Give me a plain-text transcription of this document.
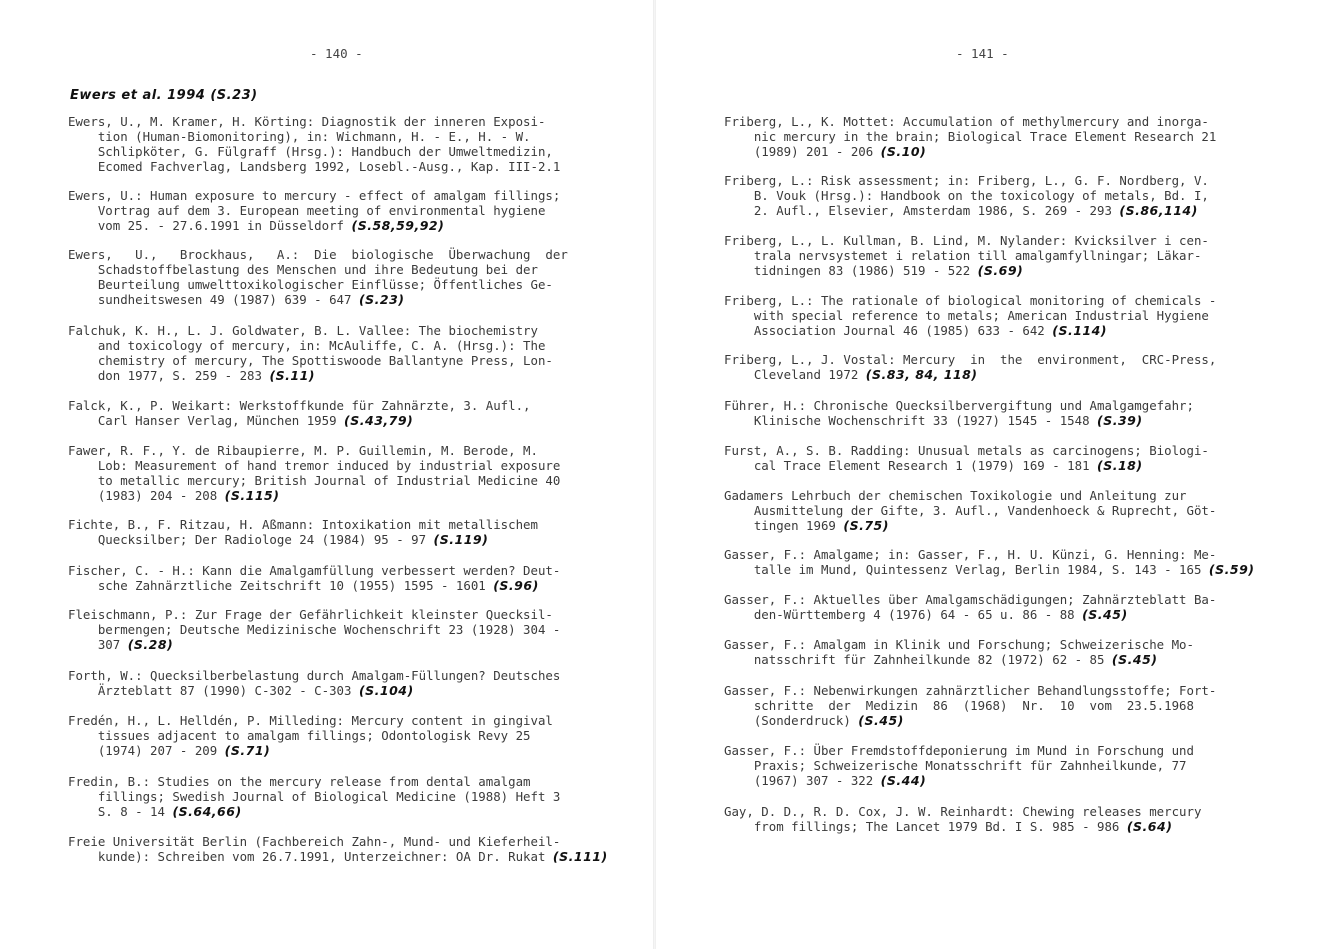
- 140 -
Ewers et al. 1994 (S.23)
Ewers, U., M. Kramer, H. Körting: Diagnostik der inneren Exposi-
tion (Human-Biomonitoring), in: Wichmann, H. - E., H. - W.
Schlipköter, G. Fülgraff (Hrsg.): Handbuch der Umweltmedizin,
Ecomed Fachverlag, Landsberg 1992, Losebl.-Ausg., Kap. III-2.1
Ewers, U.: Human exposure to mercury - effect of amalgam fillings;
Vortrag auf dem 3. European meeting of environmental hygiene
vom 25. - 27.6.1991 in Düsseldorf (S.58,59,92)
Ewers,   U.,   Brockhaus,   A.:  Die  biologische  Überwachung  der
Schadstoffbelastung des Menschen und ihre Bedeutung bei der
Beurteilung umwelttoxikologischer Einflüsse; Öffentliches Ge-
sundheitswesen 49 (1987) 639 - 647 (S.23)
Falchuk, K. H., L. J. Goldwater, B. L. Vallee: The biochemistry
and toxicology of mercury, in: McAuliffe, C. A. (Hrsg.): The
chemistry of mercury, The Spottiswoode Ballantyne Press, Lon-
don 1977, S. 259 - 283 (S.11)
Falck, K., P. Weikart: Werkstoffkunde für Zahnärzte, 3. Aufl.,
Carl Hanser Verlag, München 1959 (S.43,79)
Fawer, R. F., Y. de Ribaupierre, M. P. Guillemin, M. Berode, M.
Lob: Measurement of hand tremor induced by industrial exposure
to metallic mercury; British Journal of Industrial Medicine 40
(1983) 204 - 208 (S.115)
Fichte, B., F. Ritzau, H. Aßmann: Intoxikation mit metallischem
Quecksilber; Der Radiologe 24 (1984) 95 - 97 (S.119)
Fischer, C. - H.: Kann die Amalgamfüllung verbessert werden? Deut-
sche Zahnärztliche Zeitschrift 10 (1955) 1595 - 1601 (S.96)
Fleischmann, P.: Zur Frage der Gefährlichkeit kleinster Quecksil-
bermengen; Deutsche Medizinische Wochenschrift 23 (1928) 304 -
307 (S.28)
Forth, W.: Quecksilberbelastung durch Amalgam-Füllungen? Deutsches
Ärzteblatt 87 (1990) C-302 - C-303 (S.104)
Fredén, H., L. Helldén, P. Milleding: Mercury content in gingival
tissues adjacent to amalgam fillings; Odontologisk Revy 25
(1974) 207 - 209 (S.71)
Fredin, B.: Studies on the mercury release from dental amalgam
fillings; Swedish Journal of Biological Medicine (1988) Heft 3
S. 8 - 14 (S.64,66)
Freie Universität Berlin (Fachbereich Zahn-, Mund- und Kieferheil-
kunde): Schreiben vom 26.7.1991, Unterzeichner: OA Dr. Rukat (S.111)
- 141 -
Friberg, L., K. Mottet: Accumulation of methylmercury and inorga-
nic mercury in the brain; Biological Trace Element Research 21
(1989) 201 - 206 (S.10)
Friberg, L.: Risk assessment; in: Friberg, L., G. F. Nordberg, V.
B. Vouk (Hrsg.): Handbook on the toxicology of metals, Bd. I,
2. Aufl., Elsevier, Amsterdam 1986, S. 269 - 293 (S.86,114)
Friberg, L., L. Kullman, B. Lind, M. Nylander: Kvicksilver i cen-
trala nervsystemet i relation till amalgamfyllningar; Läkar-
tidningen 83 (1986) 519 - 522 (S.69)
Friberg, L.: The rationale of biological monitoring of chemicals -
with special reference to metals; American Industrial Hygiene
Association Journal 46 (1985) 633 - 642 (S.114)
Friberg, L., J. Vostal: Mercury  in  the  environment,  CRC-Press,
Cleveland 1972 (S.83, 84, 118)
Führer, H.: Chronische Quecksilbervergiftung und Amalgamgefahr;
Klinische Wochenschrift 33 (1927) 1545 - 1548 (S.39)
Furst, A., S. B. Radding: Unusual metals as carcinogens; Biologi-
cal Trace Element Research 1 (1979) 169 - 181 (S.18)
Gadamers Lehrbuch der chemischen Toxikologie und Anleitung zur
Ausmittelung der Gifte, 3. Aufl., Vandenhoeck & Ruprecht, Göt-
tingen 1969 (S.75)
Gasser, F.: Amalgame; in: Gasser, F., H. U. Künzi, G. Henning: Me-
talle im Mund, Quintessenz Verlag, Berlin 1984, S. 143 - 165 (S.59)
Gasser, F.: Aktuelles über Amalgamschädigungen; Zahnärzteblatt Ba-
den-Württemberg 4 (1976) 64 - 65 u. 86 - 88 (S.45)
Gasser, F.: Amalgam in Klinik und Forschung; Schweizerische Mo-
natsschrift für Zahnheilkunde 82 (1972) 62 - 85 (S.45)
Gasser, F.: Nebenwirkungen zahnärztlicher Behandlungsstoffe; Fort-
schritte  der  Medizin  86  (1968)  Nr.  10  vom  23.5.1968
(Sonderdruck) (S.45)
Gasser, F.: Über Fremdstoffdeponierung im Mund in Forschung und
Praxis; Schweizerische Monatsschrift für Zahnheilkunde, 77
(1967) 307 - 322 (S.44)
Gay, D. D., R. D. Cox, J. W. Reinhardt: Chewing releases mercury
from fillings; The Lancet 1979 Bd. I S. 985 - 986 (S.64)
